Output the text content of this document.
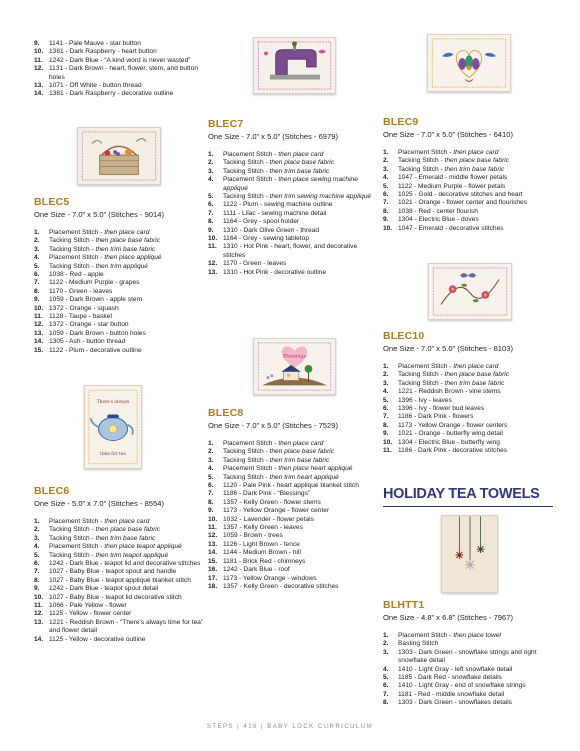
9.	1141 - Pale Mauve - star button
10. 1381 - Dark Raspberry - heart button
11. 1242 - Dark Blue - “A kind word is never wasted”
12. 1131 - Dark Brown - heart, flower, stem, and button holes
13. 1071 - Off White - button thread
14. 1381 - Dark Raspberry - decorative outline
BLEC5
One Size - 7.0” x 5.0” (Stitches - 9014)
1.	Placement Stitch - then place card
2.	Tacking Stitch - then place base fabric
3.	Tacking Stitch - then trim base fabric
4.	Placement Stitch - then place appliqué
5.	Tacking Stitch - then trim appliqué
6.	1038 - Red - apple
7.	1122 - Medium Purple - grapes
8.	1170 - Green - leaves
9.	1059 - Dark Brown - apple stem
10. 1372 - Orange - squash
11. 1128 - Taupe - basket
12. 1372 - Orange - star button
13. 1059 - Dark Brown - button holes
14. 1305 - Ash - button thread
15. 1122 - Plum - decorative outline
There's always
time for tea
BLEC6
One Size - 5.0” x 7.0” (Stitches - 8554)
1.	Placement Stitch - then place card
2.	Tacking Stitch - then place base fabric
3.	Tacking Stitch - then trim base fabric
4.	Placement Stitch - then place teapot appliqué
5.	Tacking Stitch - then trim teapot appliqué
6.	1242 - Dark Blue - teapot lid and decorative stitches
7.	1027 - Baby Blue - teapot spout and handle
8.	1027 - Baby Blue - teapot appliqué blanket stitch
9.	1242 - Dark Blue - teapot spout detail
10. 1027 - Baby Blue - teapot lid decorative stitch
11. 1066 - Pale Yellow - flower
12. 1125 - Yellow - flower center
13. 1221 - Reddish Brown - “There’s always time for tea” and flower detail
14. 1125 - Yellow - decorative outline
BLEC7
One Size - 7.0” x 5.0” (Stitches - 6979)
1.	Placement Stitch - then place card
2.	Tacking Stitch - then place base fabric
3.	Tacking Stitch - then trim base fabric
4.	Placement Stitch - then place sewing machine appliqué
5.	Tacking Stitch - then trim sewing machine appliqué
6.	1122 - Plum - sewing machine outline
7.	1111 - Lilac - sewing machine detail
8.	1164 - Grey - spool holder
9.	1310 - Dark Olive Green - thread
10. 1164 - Grey - sewing tabletop
11. 1310 - Hot Pink - heart, flower, and decorative stitches
12. 1170 - Green - leaves
13. 1310 - Hot Pink - decorative outline
Blessings
BLEC8
One Size - 7.0” x 5.0” (Stitches - 7529)
1.	Placement Stitch - then place card
2.	Tacking Stitch - then place base fabric
3.	Tacking Stitch - then trim base fabric
4.	Placement Stitch - then place heart appliqué
5.	Tacking Stitch - then trim heart appliqué
6.	1120 - Pale Pink - heart appliqué blanket stitch
7.	1186 - Dark Pink - “Blessings”
8.	1357 - Kelly Green - flower stems
9.	1173 - Yellow Orange - flower center
10. 1032 - Lavender - flower petals
11. 1357 - Kelly Green - leaves
12. 1059 - Brown - trees
13. 1126 - Light Brown - fence
14. 1144 - Medium Brown - hill
15. 1181 - Brick Red - chimneys
16. 1242 - Dark Blue - roof
17. 1173 - Yellow Orange - windows
18. 1357 - Kelly Green - decorative stitches
BLEC9
One Size - 7.0” x 5.0” (Stitches - 6410)
1.	Placement Stitch - then place card
2.	Tacking Stitch - then place base fabric
3.	Tacking Stitch - then trim base fabric
4.	1047 - Emerald - middle flower petals
5.	1122 - Medium Purple - flower petals
6.	1025 - Gold - decorative stitches and heart
7.	1021 - Orange - flower center and flourishes
8.	1038 - Red - center flourish
9.	1304 - Electric Blue - doves
10. 1047 - Emerald - decorative stitches
BLEC10
One Size - 7.0” x 5.0” (Stitches - 8103)
1.	Placement Stitch - then place card
2.	Tacking Stitch - then place base fabric
3.	Tacking Stitch - then trim base fabric
4.	1221 - Reddish Brown - vine stems
5.	1396 - Ivy - leaves
6.	1396 - Ivy - flower bud leaves
7.	1186 - Dark Pink - flowers
8.	1173 - Yellow Orange - flower centers
9.	1021 - Orange - butterfly wing detail
10. 1304 - Electric Blue - butterfly wing
11. 1186 - Dark Pink - decorative stitches
HOLIDAY TEA TOWELS
BLHTT1
One Size - 4.8” x 6.8” (Stitches - 7967)
1.	Placement Stitch - then place towel
2.	Basting Stitch
3.	1303 - Dark Green - snowflake strings and right snowflake detail
4.	1410 - Light Gray - left snowflake detail
5.	1185 - Dark Red - snowflake details
6.	1410 - Light Gray - end of snowflake strings
7.	1181 - Red - middle snowflake detail
8.	1303 - Dark Green - snowflakes details
STEPS | 416 | BABY LOCK CURRICULUM
